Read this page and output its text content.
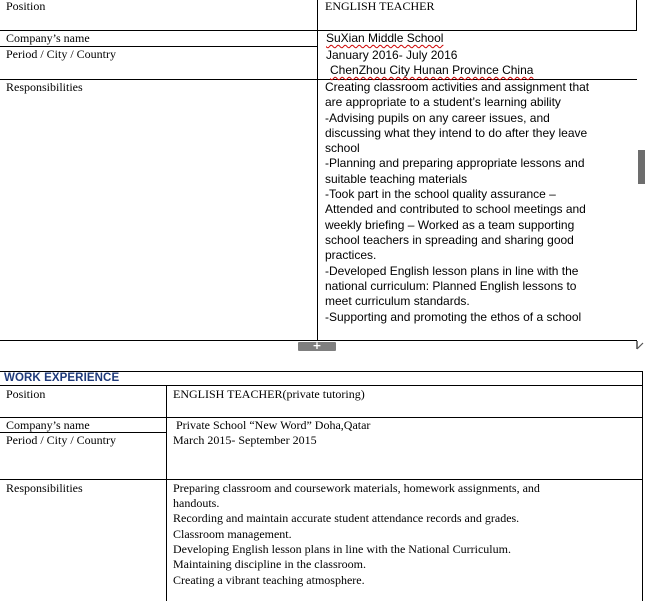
Position
Company’s name
Period / City / Country
Responsibilities
ENGLISH TEACHER
SuXian Middle School
January 2016- July 2016
ChenZhou City Hunan Province China
Creating classroom activities and assignment that
are appropriate to a student’s learning ability
-Advising pupils on any career issues, and
discussing what they intend to do after they leave
school
-Planning and preparing appropriate lessons and
suitable teaching materials
-Took part in the school quality assurance –
Attended and contributed to school meetings and
weekly briefing – Worked as a team supporting
school teachers in spreading and sharing good
practices.
-Developed English lesson plans in line with the
national curriculum: Planned English lessons to
meet curriculum standards.
-Supporting and promoting the ethos of a school
+
WORK EXPERIENCE
Position
Company’s name
Period / City / Country
Responsibilities
ENGLISH TEACHER(private tutoring)
Private School “New Word” Doha,Qatar
March 2015- September 2015
Preparing classroom and coursework materials, homework assignments, and
handouts.
Recording and maintain accurate student attendance records and grades.
Classroom management.
Developing English lesson plans in line with the National Curriculum.
Maintaining discipline in the classroom.
Creating a vibrant teaching atmosphere.
